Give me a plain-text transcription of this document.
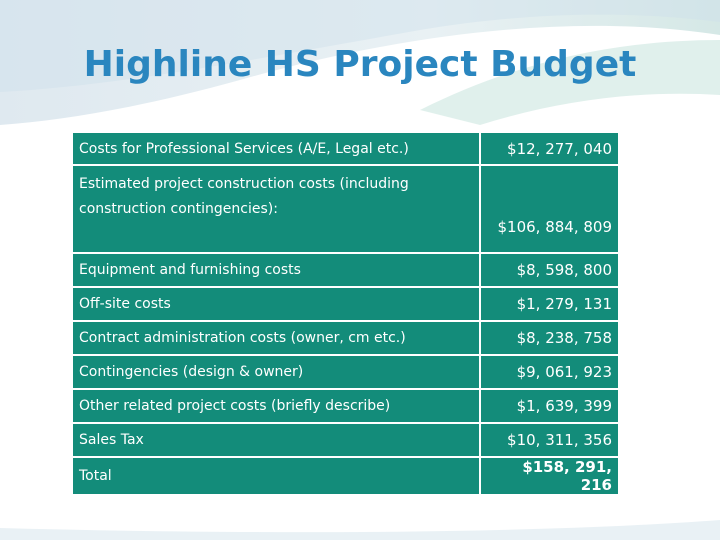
Highline HS Project Budget
Costs for Professional Services (A/E, Legal etc.)	$12, 277, 040
Estimated project construction costs (including construction contingencies):	$106, 884, 809
Equipment and furnishing costs	$8, 598, 800
Off-site costs	$1, 279, 131
Contract administration costs (owner, cm etc.)	$8, 238, 758
Contingencies (design & owner)	$9, 061, 923
Other related project costs (briefly describe)	$1, 639, 399
Sales Tax	$10, 311, 356
Total	$158, 291, 216
